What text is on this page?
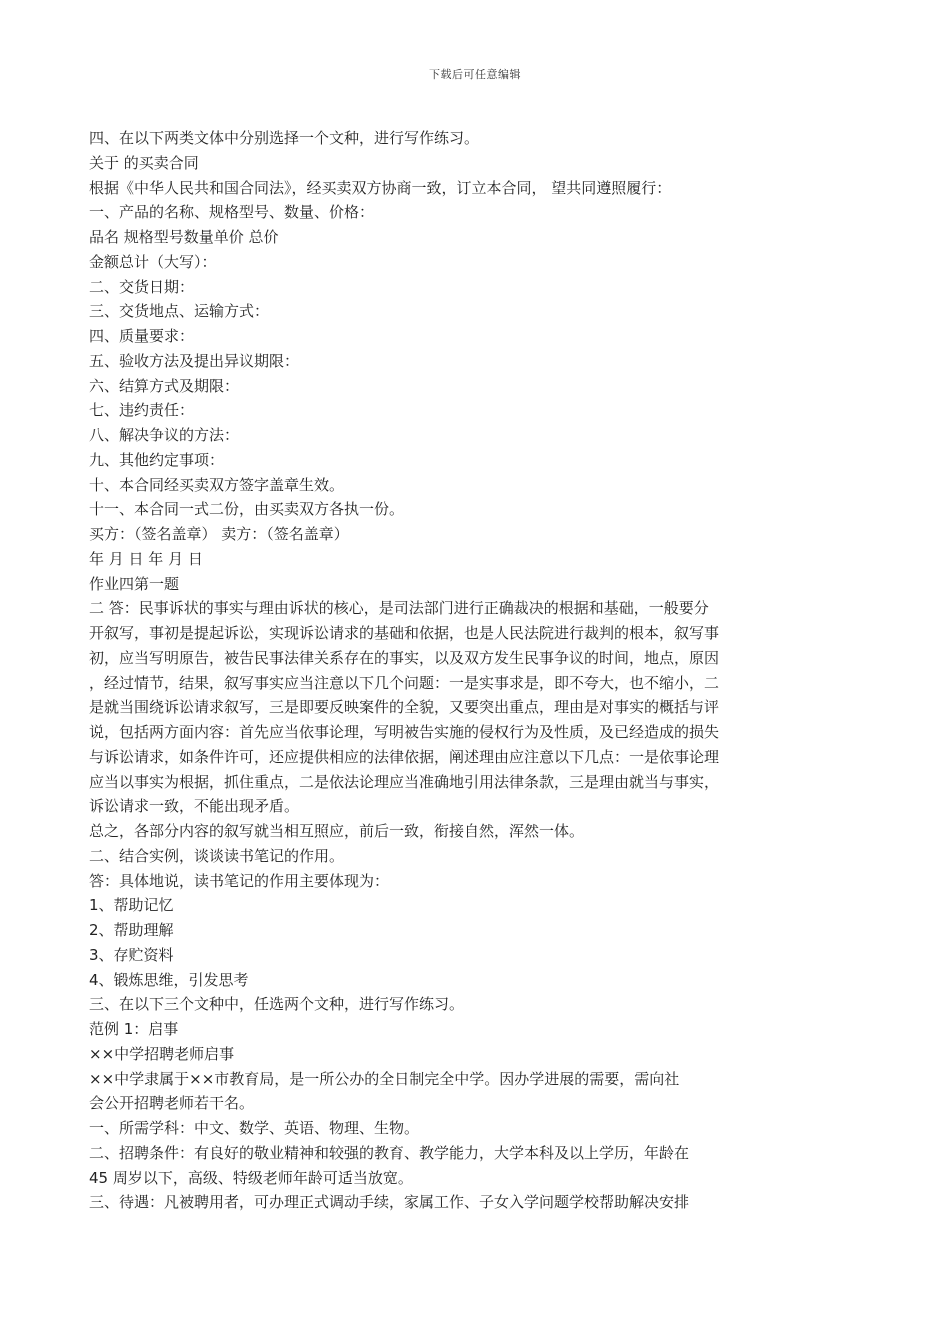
下载后可任意编辑
四、在以下两类文体中分别选择一个文种，进行写作练习。
关于 的买卖合同
根据《中华人民共和国合同法》，经买卖双方协商一致，订立本合同， 望共同遵照履行：
一、产品的名称、规格型号、数量、价格：
品名 规格型号数量单价 总价
金额总计（大写）：
二、交货日期：
三、交货地点、运输方式：
四、质量要求：
五、验收方法及提出异议期限：
六、结算方式及期限：
七、违约责任：
八、解决争议的方法：
九、其他约定事项：
十、本合同经买卖双方签字盖章生效。
十一、本合同一式二份，由买卖双方各执一份。
买方：（签名盖章） 卖方：（签名盖章）
年 月 日 年 月 日
作业四第一题
二 答：民事诉状的事实与理由诉状的核心，是司法部门进行正确裁决的根据和基础，一般要分
开叙写，事初是提起诉讼，实现诉讼请求的基础和依据，也是人民法院进行裁判的根本，叙写事
初，应当写明原告，被告民事法律关系存在的事实，以及双方发生民事争议的时间，地点，原因
，经过情节，结果，叙写事实应当注意以下几个问题：一是实事求是，即不夸大，也不缩小，二
是就当围绕诉讼请求叙写，三是即要反映案件的全貌，又要突出重点，理由是对事实的概括与评
说，包括两方面内容：首先应当依事论理，写明被告实施的侵权行为及性质，及已经造成的损失
与诉讼请求，如条件许可，还应提供相应的法律依据，阐述理由应注意以下几点：一是依事论理
应当以事实为根据，抓住重点，二是依法论理应当准确地引用法律条款，三是理由就当与事实，
诉讼请求一致，不能出现矛盾。
总之，各部分内容的叙写就当相互照应，前后一致，衔接自然，浑然一体。
二、结合实例，谈谈读书笔记的作用。
答：具体地说，读书笔记的作用主要体现为：
1、帮助记忆
2、帮助理解
3、存贮资料
4、锻炼思维，引发思考
三、在以下三个文种中，任选两个文种，进行写作练习。
范例 1：启事
××中学招聘老师启事
××中学隶属于××市教育局，是一所公办的全日制完全中学。因办学进展的需要，需向社
会公开招聘老师若干名。
一、所需学科：中文、数学、英语、物理、生物。
二、招聘条件：有良好的敬业精神和较强的教育、教学能力，大学本科及以上学历，年龄在
45 周岁以下，高级、特级老师年龄可适当放宽。
三、待遇：凡被聘用者，可办理正式调动手续，家属工作、子女入学问题学校帮助解决安排
